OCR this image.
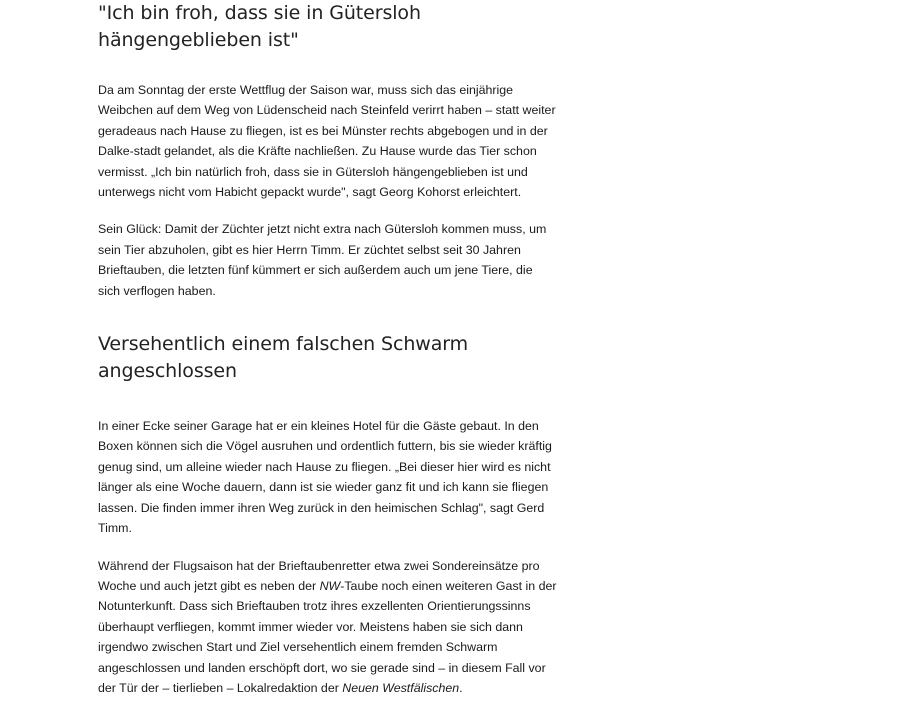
"Ich bin froh, dass sie in Gütersloh hängengeblieben ist"

Da am Sonntag der erste Wettflug der Saison war, muss sich das einjährige Weibchen auf dem Weg von Lüdenscheid nach Steinfeld verirrt haben – statt weiter geradeaus nach Hause zu fliegen, ist es bei Münster rechts abgebogen und in der Dalke-stadt gelandet, als die Kräfte nachließen. Zu Hause wurde das Tier schon vermisst. „Ich bin natürlich froh, dass sie in Gütersloh hängengeblieben ist und unterwegs nicht vom Habicht gepackt wurde", sagt Georg Kohorst erleichtert.

Sein Glück: Damit der Züchter jetzt nicht extra nach Gütersloh kommen muss, um sein Tier abzuholen, gibt es hier Herrn Timm. Er züchtet selbst seit 30 Jahren Brieftauben, die letzten fünf kümmert er sich außerdem auch um jene Tiere, die sich verflogen haben.

Versehentlich einem falschen Schwarm angeschlossen

In einer Ecke seiner Garage hat er ein kleines Hotel für die Gäste gebaut. In den Boxen können sich die Vögel ausruhen und ordentlich futtern, bis sie wieder kräftig genug sind, um alleine wieder nach Hause zu fliegen. „Bei dieser hier wird es nicht länger als eine Woche dauern, dann ist sie wieder ganz fit und ich kann sie fliegen lassen. Die finden immer ihren Weg zurück in den heimischen Schlag", sagt Gerd Timm.

Während der Flugsaison hat der Brieftaubenretter etwa zwei Sondereinsätze pro Woche und auch jetzt gibt es neben der NW-Taube noch einen weiteren Gast in der Notunterkunft. Dass sich Brieftauben trotz ihres exzellenten Orientierungssinns überhaupt verfliegen, kommt immer wieder vor. Meistens haben sie sich dann irgendwo zwischen Start und Ziel versehentlich einem fremden Schwarm angeschlossen und landen erschöpft dort, wo sie gerade sind – in diesem Fall vor der Tür der – tierlieben – Lokalredaktion der Neuen Westfälischen.
